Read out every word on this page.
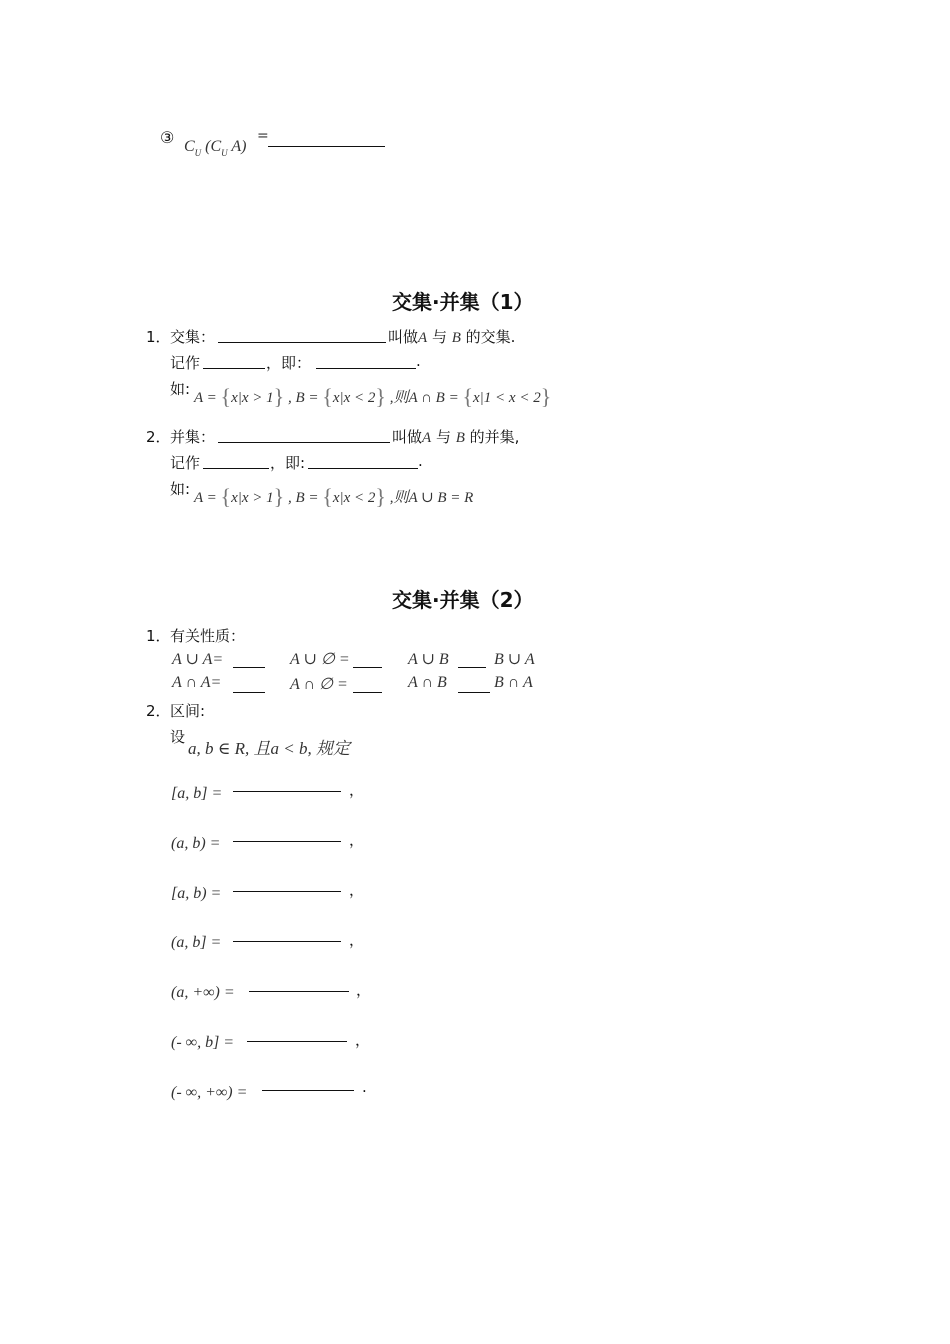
③ $C_U$ ($C_U$ A)
=
交集·并集（1）
1． 交集：	叫做A 与 B 的交集.
记作	，即：	.
如: A = {x|x > 1} , B = {x|x < 2} ,则A ∩ B = {x|1 < x < 2}
2． 并集：	叫做A 与 B 的并集,
记作	，即:	.
如: A = {x|x > 1} , B = {x|x < 2} ,则A ∪ B = R
交集·并集（2）
1． 有关性质：
A ∪ A=	A ∪ ∅ =	A ∪ B	B ∪ A
A ∩ A=	A ∩ ∅ =	A ∩ B	B ∩ A
2． 区间:
设
a, b ∈ R, 且a < b, 规定
[a, b] =	，
(a, b) =	，
[a, b) =	，
(a, b] =	，
(a, +∞) =	，
(- ∞, b] =	，
(- ∞, +∞) =	.
